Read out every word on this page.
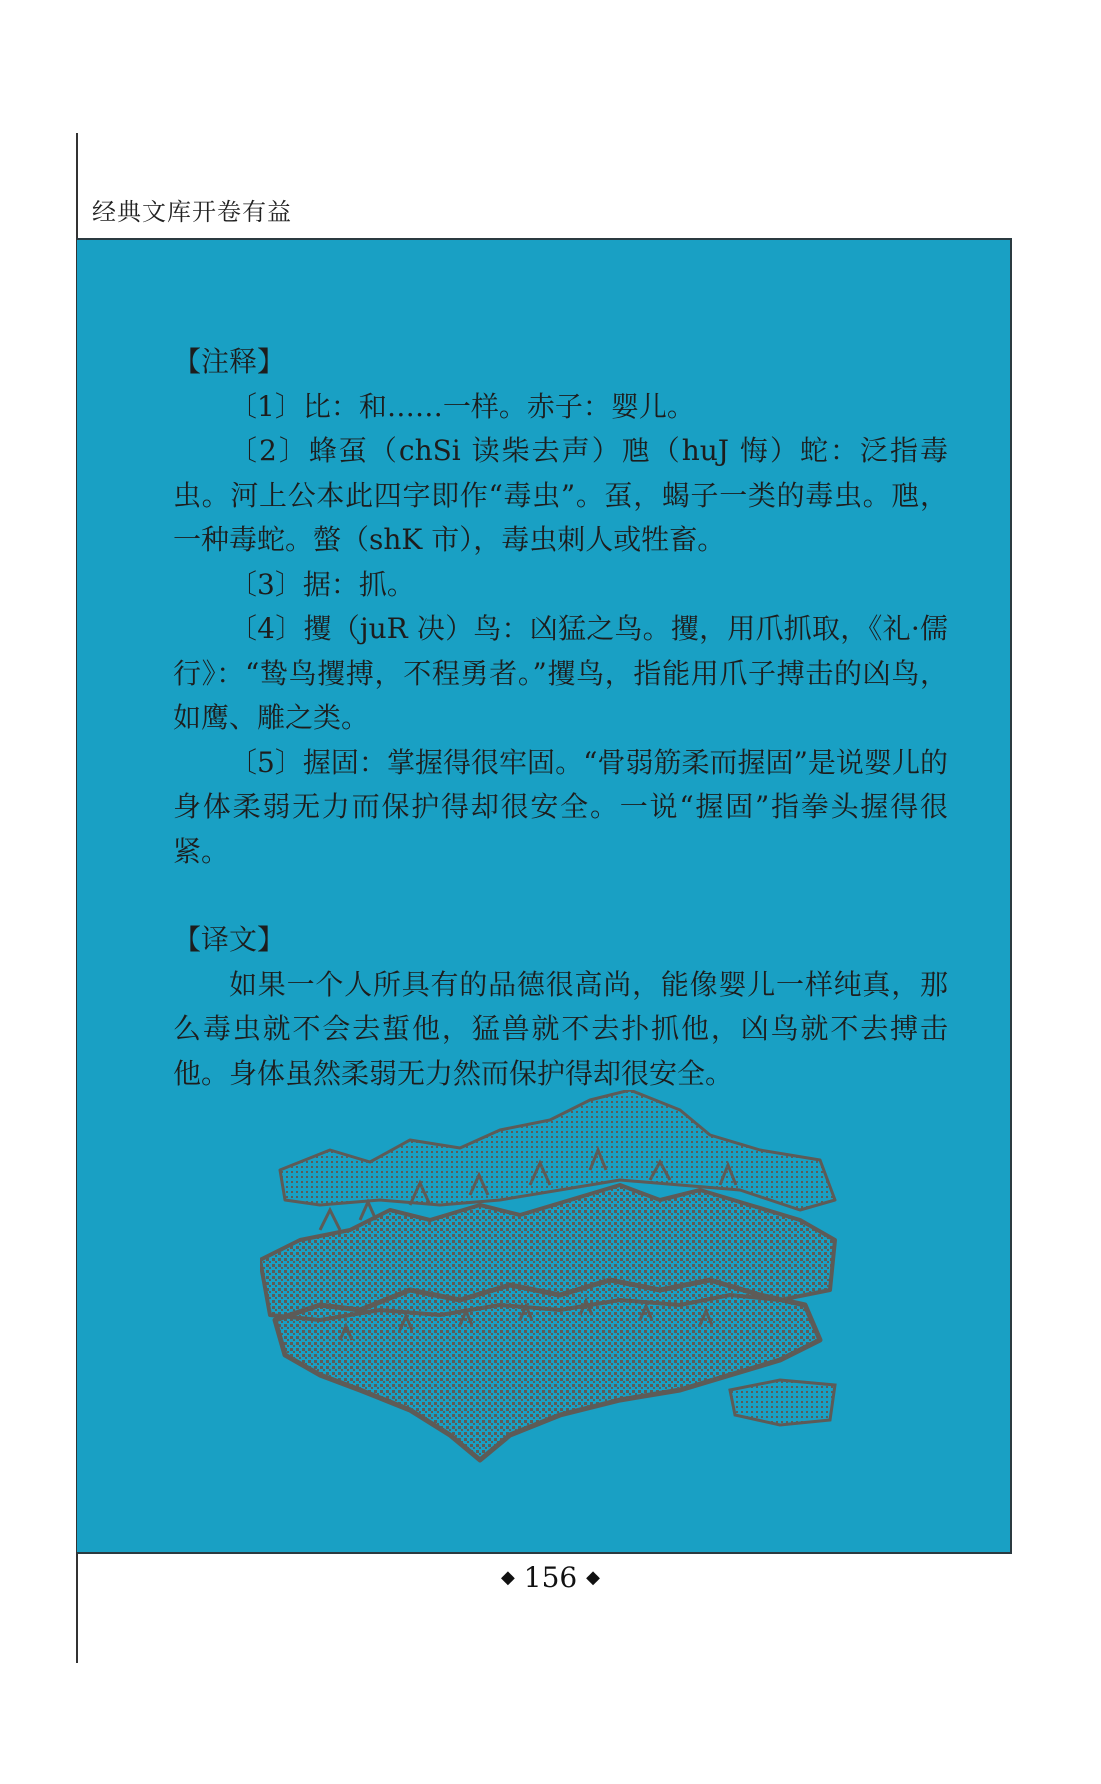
经典文库开卷有益

【注释】

〔1〕比：和……一样。赤子：婴儿。

〔2〕蜂虿（chSi 读柴去声）虺（huJ 悔）蛇：泛指毒虫。河上公本此四字即作“毒虫”。虿，蝎子一类的毒虫。虺，一种毒蛇。螫（shK 市），毒虫刺人或牲畜。

〔3〕据：抓。

〔4〕攫（juR 决）鸟：凶猛之鸟。攫，用爪抓取，《礼·儒行》：“鸷鸟攫搏，不程勇者。”攫鸟，指能用爪子搏击的凶鸟，如鹰、雕之类。

〔5〕握固：掌握得很牢固。“骨弱筋柔而握固”是说婴儿的身体柔弱无力而保护得却很安全。一说“握固”指拳头握得很紧。

【译文】

如果一个人所具有的品德很高尚，能像婴儿一样纯真，那么毒虫就不会去蜇他，猛兽就不去扑抓他，凶鸟就不去搏击他。身体虽然柔弱无力然而保护得却很安全。

◆ 156 ◆
